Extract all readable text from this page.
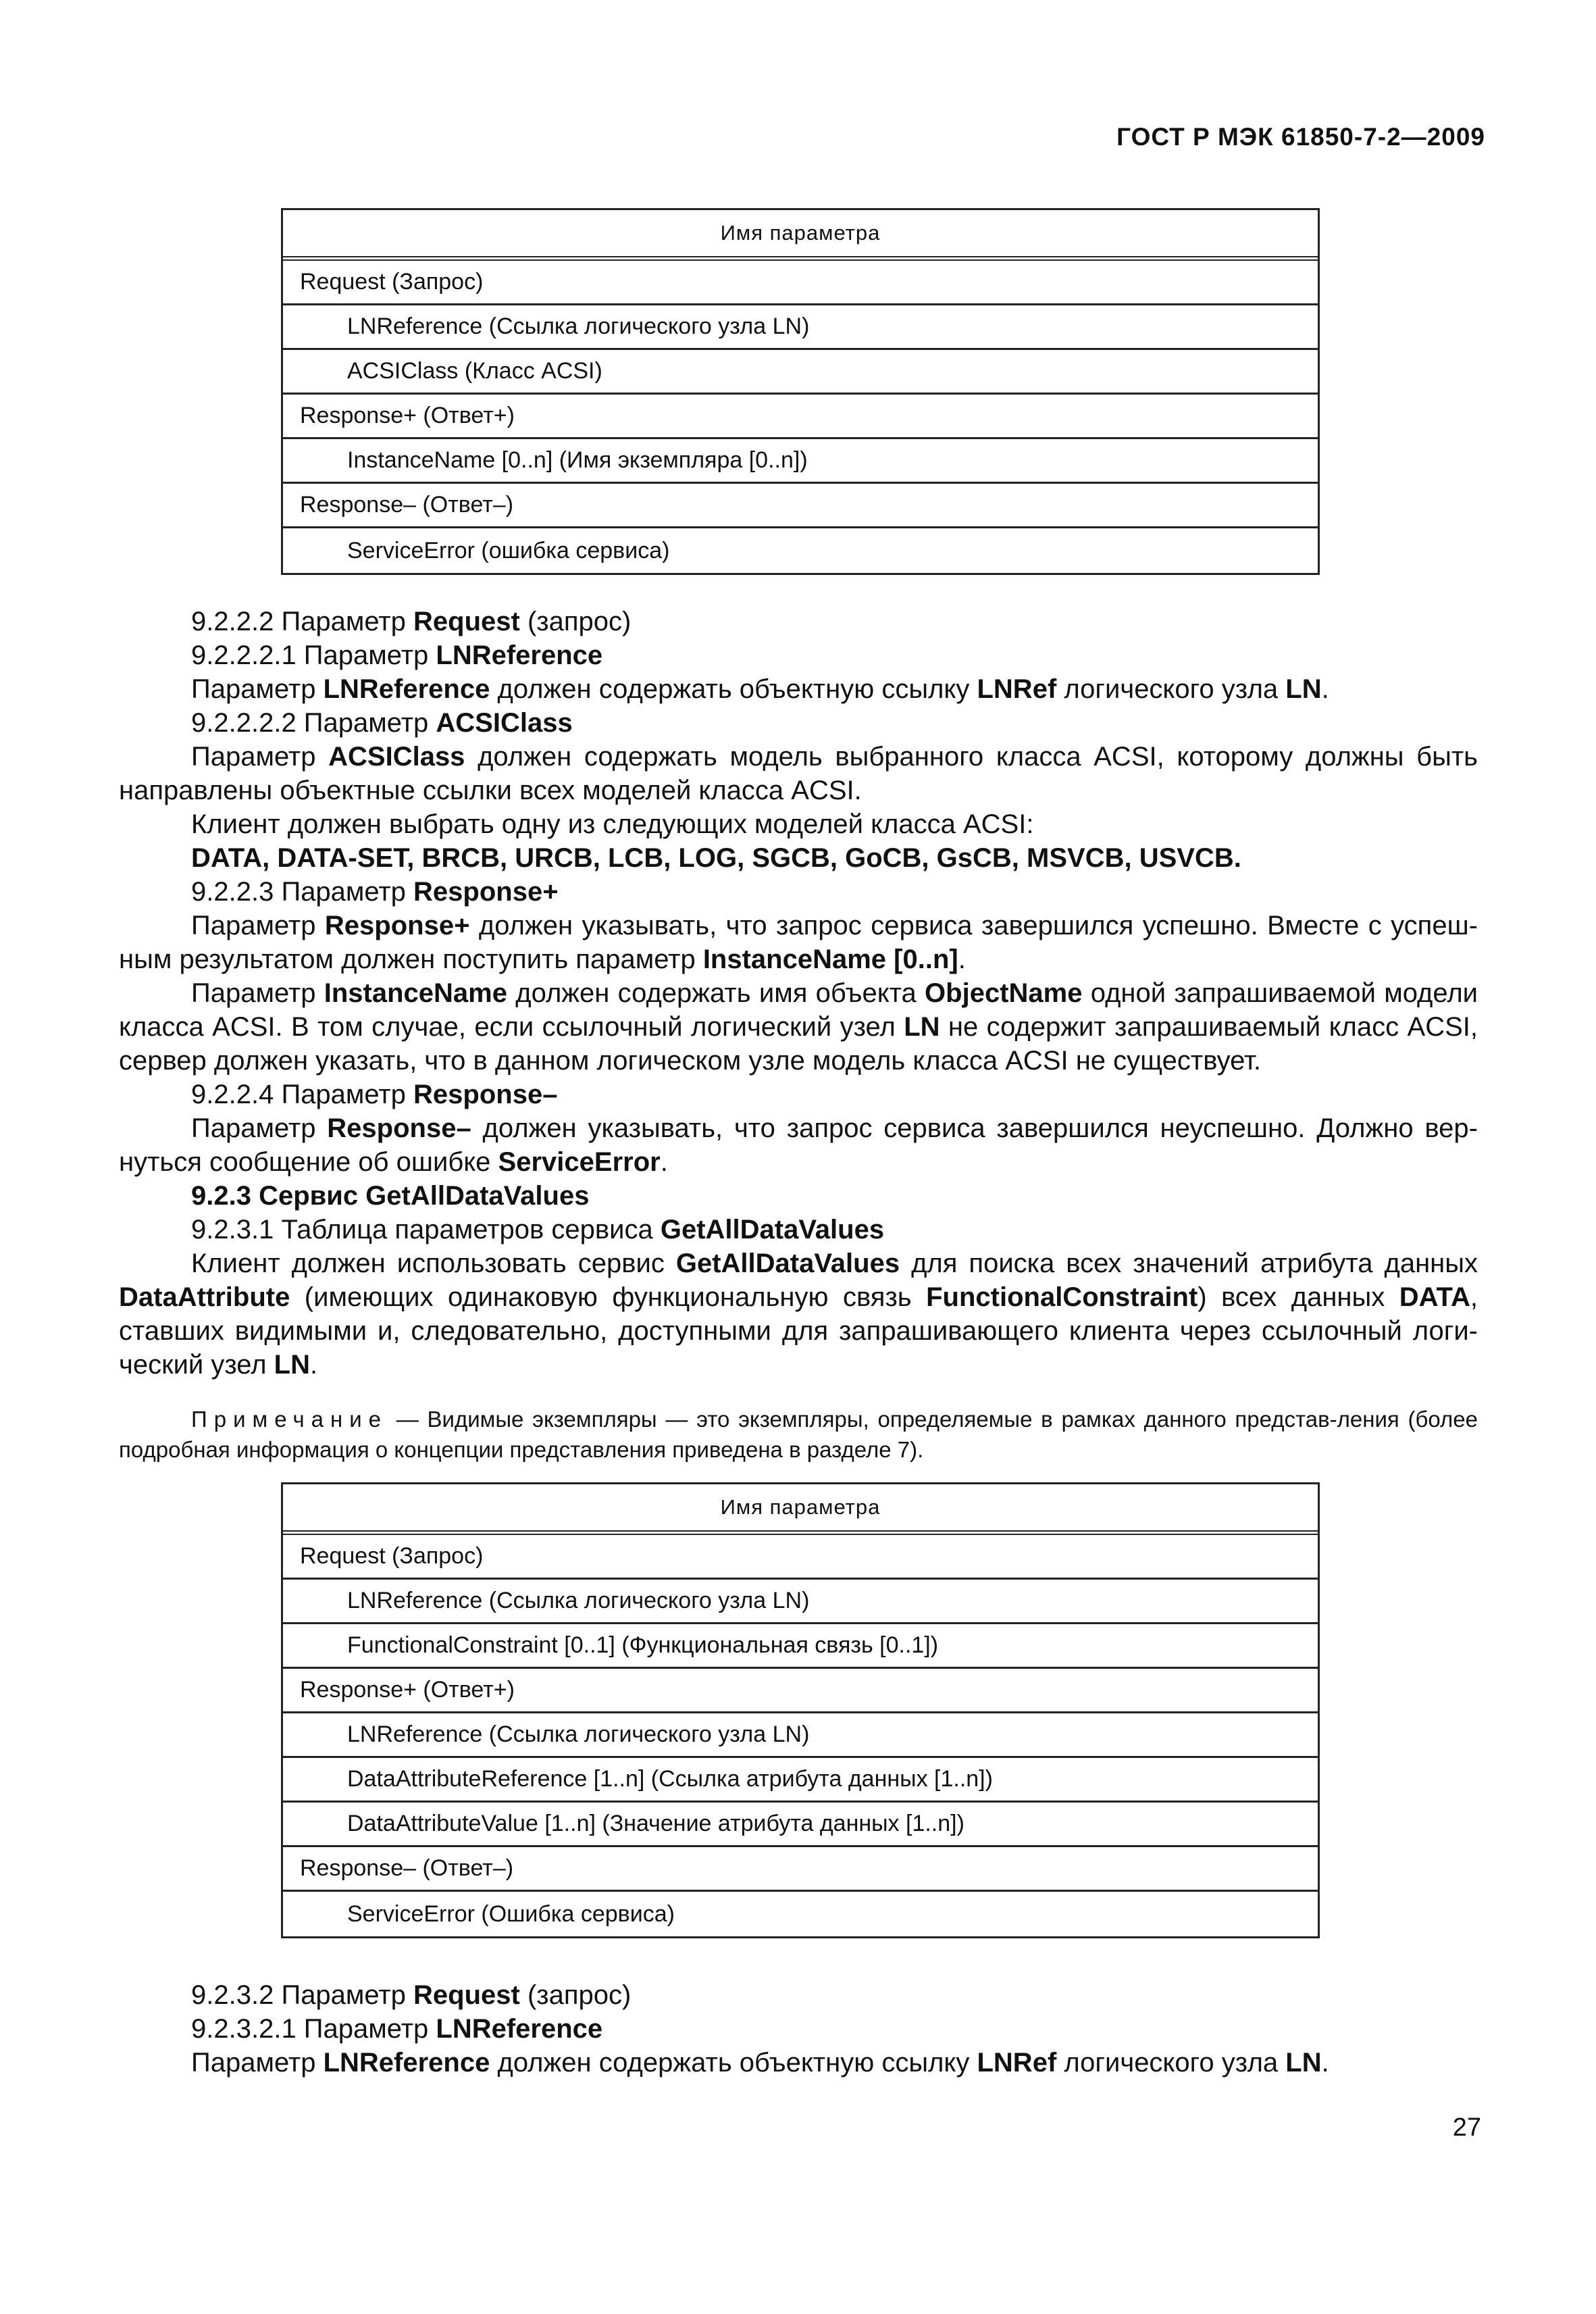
ГОСТ Р МЭК 61850-7-2—2009
Имя параметра
Request (Запрос)
LNReference (Ссылка логического узла LN)
ACSIClass (Класс ACSI)
Response+ (Ответ+)
InstanceName [0..n] (Имя экземпляра [0..n])
Response– (Ответ–)
ServiceError (ошибка сервиса)

9.2.2.2 Параметр Request (запрос)

9.2.2.2.1 Параметр LNReference

Параметр LNReference должен содержать объектную ссылку LNRef логического узла LN.

9.2.2.2.2 Параметр ACSIClass

Параметр ACSIClass должен содержать модель выбранного класса ACSI, которому должны быть направлены объектные ссылки всех моделей класса ACSI.

Клиент должен выбрать одну из следующих моделей класса ACSI:

DATA, DATA-SET, BRCB, URCB, LCB, LOG, SGCB, GoCB, GsCB, MSVCB, USVCB.

9.2.2.3 Параметр Response+

Параметр Response+ должен указывать, что запрос сервиса завершился успешно. Вместе с успеш-ным результатом должен поступить параметр InstanceName [0..n].

Параметр InstanceName должен содержать имя объекта ObjectName одной запрашиваемой модели класса ACSI. В том случае, если ссылочный логический узел LN не содержит запрашиваемый класс ACSI, сервер должен указать, что в данном логическом узле модель класса ACSI не существует.

9.2.2.4 Параметр Response–

Параметр Response– должен указывать, что запрос сервиса завершился неуспешно. Должно вер-нуться сообщение об ошибке ServiceError.

9.2.3 Сервис GetAllDataValues

9.2.3.1 Таблица параметров сервиса GetAllDataValues

Клиент должен использовать сервис GetAllDataValues для поиска всех значений атрибута данных DataAttribute (имеющих одинаковую функциональную связь FunctionalConstraint) всех данных DATA, ставших видимыми и, следовательно, доступными для запрашивающего клиента через ссылочный логи-ческий узел LN.

Примечание — Видимые экземпляры — это экземпляры, определяемые в рамках данного представ-ления (более подробная информация о концепции представления приведена в разделе 7).
Имя параметра
Request (Запрос)
LNReference (Ссылка логического узла LN)
FunctionalConstraint [0..1] (Функциональная связь [0..1])
Response+ (Ответ+)
LNReference (Ссылка логического узла LN)
DataAttributeReference [1..n] (Ссылка атрибута данных [1..n])
DataAttributeValue [1..n] (Значение атрибута данных [1..n])
Response– (Ответ–)
ServiceError (Ошибка сервиса)

9.2.3.2 Параметр Request (запрос)

9.2.3.2.1 Параметр LNReference

Параметр LNReference должен содержать объектную ссылку LNRef логического узла LN.

27
